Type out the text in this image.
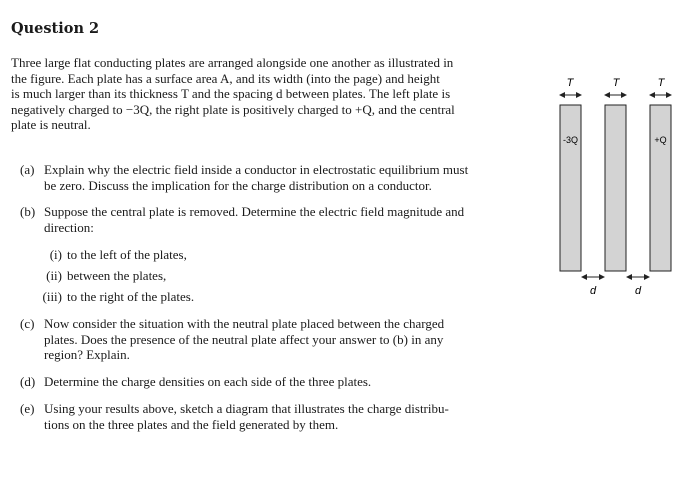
Question 2
Three large flat conducting plates are arranged alongside one another as illustrated in
the figure. Each plate has a surface area A, and its width (into the page) and height
is much larger than its thickness T and the spacing d between plates. The left plate is
negatively charged to −3Q, the right plate is positively charged to +Q, and the central
plate is neutral.
(a) Explain why the electric field inside a conductor in electrostatic equilibrium must
be zero. Discuss the implication for the charge distribution on a conductor.
(b) Suppose the central plate is removed. Determine the electric field magnitude and
direction:
(i) to the left of the plates,
(ii) between the plates,
(iii) to the right of the plates.
(c) Now consider the situation with the neutral plate placed between the charged
plates. Does the presence of the neutral plate affect your answer to (b) in any
region? Explain.
(d) Determine the charge densities on each side of the three plates.
(e) Using your results above, sketch a diagram that illustrates the charge distribu-
tions on the three plates and the field generated by them.
T	T	T
-3Q	+Q
d	d
